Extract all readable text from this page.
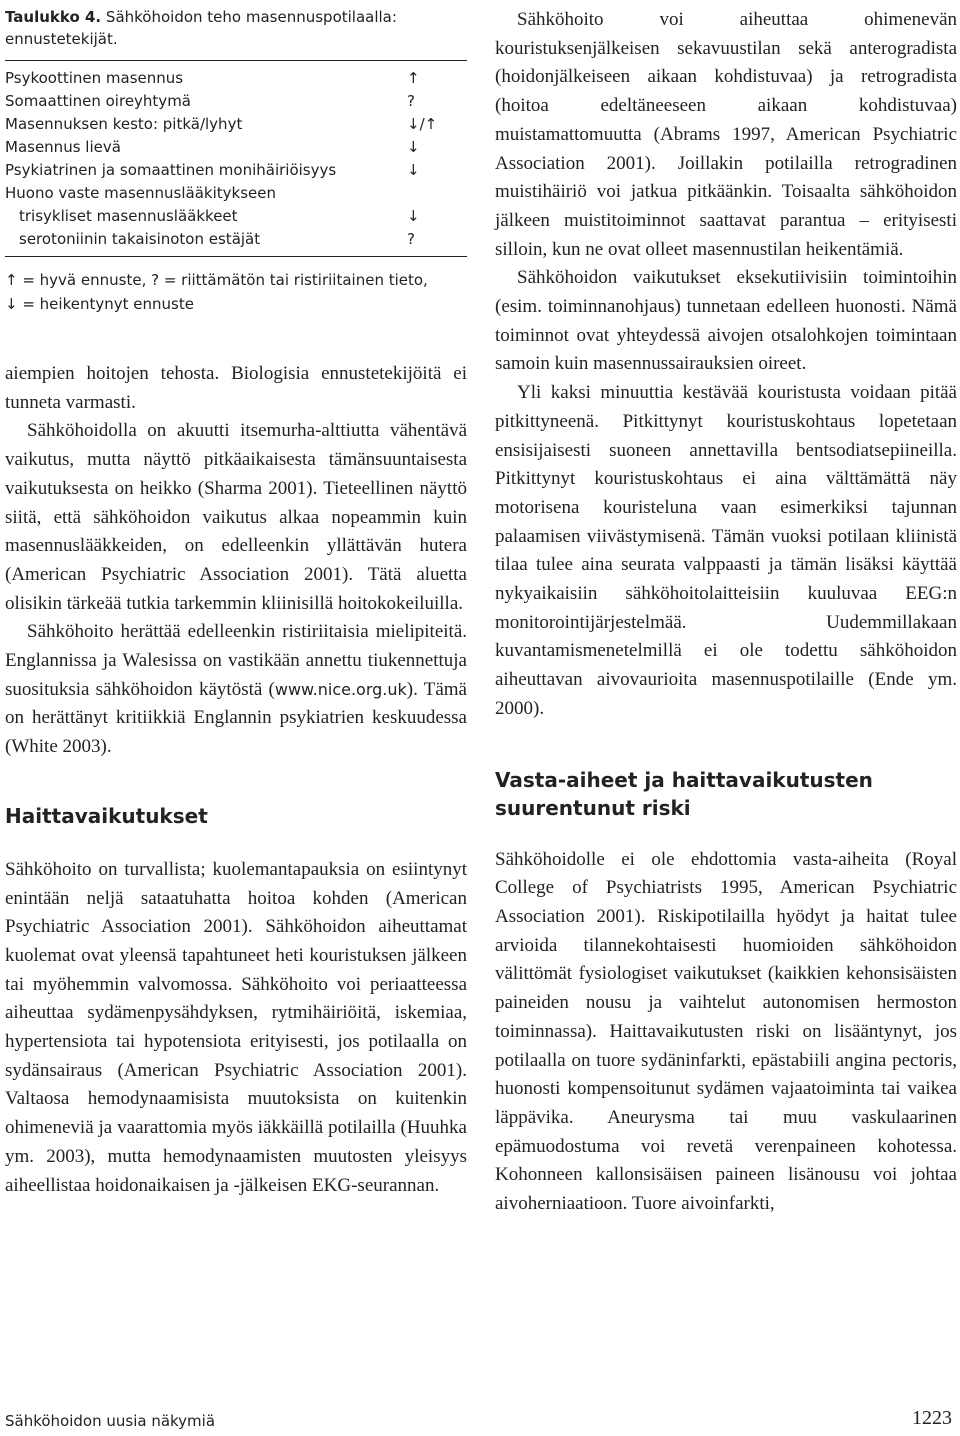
Taulukko 4. Sähköhoidon teho masennuspotilaalla: ennustetekijät.

Psykoottinen masennus	↑
Somaattinen oireyhtymä	?
Masennuksen kesto: pitkä/lyhyt	↓/↑
Masennus lievä	↓
Psykiatrinen ja somaattinen monihäiriöisyys	↓
Huono vaste masennuslääkitykseen
trisykliset masennuslääkkeet	↓
serotoniinin takaisinoton estäjät	?
↑ = hyvä ennuste, ? = riittämätön tai ristiriitainen tieto,
↓ = heikentynyt ennuste

aiempien hoitojen tehosta. Biologisia ennustetekijöitä ei tunneta varmasti.

Sähköhoidolla on akuutti itsemurha-alttiutta vähentävä vaikutus, mutta näyttö pitkäaikaisesta tämänsuuntaisesta vaikutuksesta on heikko (Sharma 2001). Tieteellinen näyttö siitä, että sähköhoidon vaikutus alkaa nopeammin kuin masennuslääkkeiden, on edelleenkin yllättävän hutera (American Psychiatric Association 2001). Tätä aluetta olisikin tärkeää tutkia tarkemmin kliinisillä hoitokokeiluilla.

Sähköhoito herättää edelleenkin ristiriitaisia mielipiteitä. Englannissa ja Walesissa on vastikään annettu tiukennettuja suosituksia sähköhoidon käytöstä (www.nice.org.uk). Tämä on herättänyt kritiikkiä Englannin psykiatrien keskuudessa (White 2003).

Haittavaikutukset

Sähköhoito on turvallista; kuolemantapauksia on esiintynyt enintään neljä sataatuhatta hoitoa kohden (American Psychiatric Association 2001). Sähköhoidon aiheuttamat kuolemat ovat yleensä tapahtuneet heti kouristuksen jälkeen tai myöhemmin valvomossa. Sähköhoito voi periaatteessa aiheuttaa sydämenpysähdyksen, rytmihäiriöitä, iskemiaa, hypertensiota tai hypotensiota erityisesti, jos potilaalla on sydänsairaus (American Psychiatric Association 2001). Valtaosa hemodynaamisista muutoksista on kuitenkin ohimeneviä ja vaarattomia myös iäkkäillä potilailla (Huuhka ym. 2003), mutta hemodynaamisten muutosten yleisyys aiheellistaa hoidonaikaisen ja -jälkeisen EKG-seurannan.

Sähköhoito voi aiheuttaa ohimenevän kouristuksenjälkeisen sekavuustilan sekä anterogradista (hoidonjälkeiseen aikaan kohdistuvaa) ja retrogradista (hoitoa edeltäneeseen aikaan kohdistuvaa) muistamattomuutta (Abrams 1997, American Psychiatric Association 2001). Joillakin potilailla retrogradinen muistihäiriö voi jatkua pitkäänkin. Toisaalta sähköhoidon jälkeen muistitoiminnot saattavat parantua – erityisesti silloin, kun ne ovat olleet masennustilan heikentämiä.

Sähköhoidon vaikutukset eksekutiivisiin toimintoihin (esim. toiminnanohjaus) tunnetaan edelleen huonosti. Nämä toiminnot ovat yhteydessä aivojen otsalohkojen toimintaan samoin kuin masennussairauksien oireet.

Yli kaksi minuuttia kestävää kouristusta voidaan pitää pitkittyneenä. Pitkittynyt kouristuskohtaus lopetetaan ensisijaisesti suoneen annettavilla bentsodiatsepiineilla. Pitkittynyt kouristuskohtaus ei aina välttämättä näy motorisena kouristeluna vaan esimerkiksi tajunnan palaamisen viivästymisenä. Tämän vuoksi potilaan kliinistä tilaa tulee aina seurata valppaasti ja tämän lisäksi käyttää nykyaikaisiin sähköhoitolaitteisiin kuuluvaa EEG:n monitorointijärjestelmää. Uudemmillakaan kuvantamismenetelmillä ei ole todettu sähköhoidon aiheuttavan aivovaurioita masennuspotilaille (Ende ym. 2000).

Vasta-aiheet ja haittavaikutusten suurentunut riski

Sähköhoidolle ei ole ehdottomia vasta-aiheita (Royal College of Psychiatrists 1995, American Psychiatric Association 2001). Riskipotilailla hyödyt ja haitat tulee arvioida tilannekohtaisesti huomioiden sähköhoidon välittömät fysiologiset vaikutukset (kaikkien kehonsisäisten paineiden nousu ja vaihtelut autonomisen hermoston toiminnassa). Haittavaikutusten riski on lisääntynyt, jos potilaalla on tuore sydäninfarkti, epästabiili angina pectoris, huonosti kompensoitunut sydämen vajaatoiminta tai vaikea läppävika. Aneurysma tai muu vaskulaarinen epämuodostuma voi revetä verenpaineen kohotessa. Kohonneen kallonsisäisen paineen lisänousu voi johtaa aivoherniaatioon. Tuore aivoinfarkti,

Sähköhoidon uusia näkymiä	1223
